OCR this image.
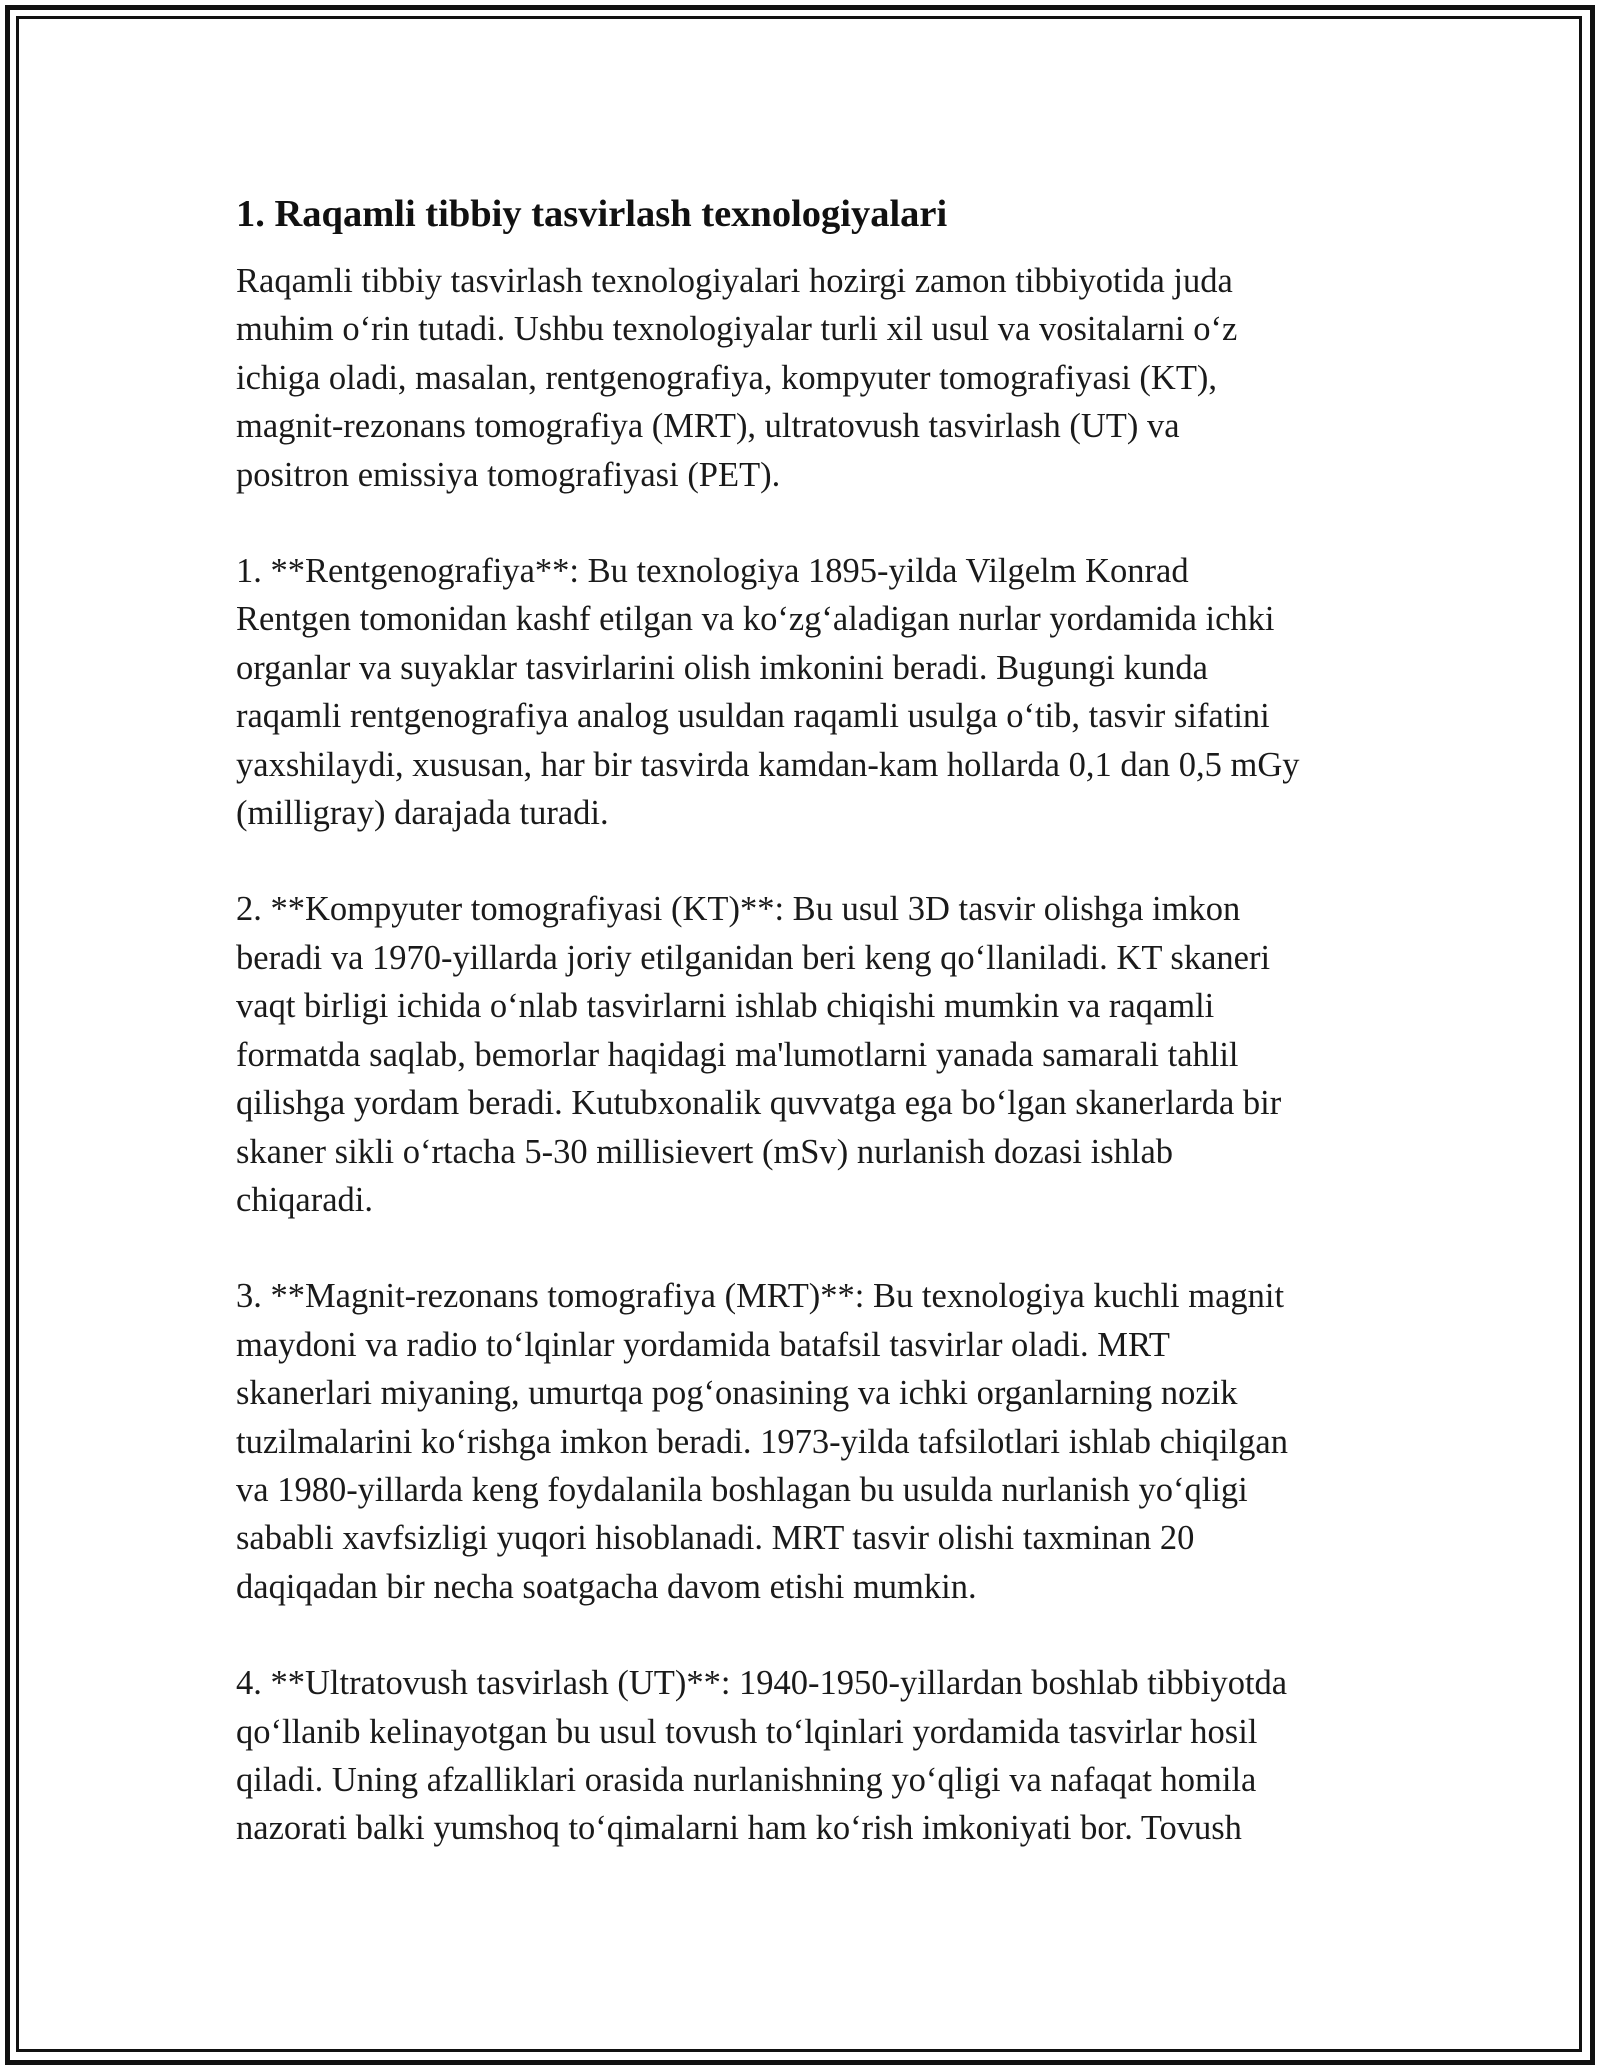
1. Raqamli tibbiy tasvirlash texnologiyalari

Raqamli tibbiy tasvirlash texnologiyalari hozirgi zamon tibbiyotida juda
muhim o‘rin tutadi. Ushbu texnologiyalar turli xil usul va vositalarni o‘z
ichiga oladi, masalan, rentgenografiya, kompyuter tomografiyasi (KT),
magnit-rezonans tomografiya (MRT), ultratovush tasvirlash (UT) va
positron emissiya tomografiyasi (PET).

1. **Rentgenografiya**: Bu texnologiya 1895-yilda Vilgelm Konrad
Rentgen tomonidan kashf etilgan va ko‘zg‘aladigan nurlar yordamida ichki
organlar va suyaklar tasvirlarini olish imkonini beradi. Bugungi kunda
raqamli rentgenografiya analog usuldan raqamli usulga o‘tib, tasvir sifatini
yaxshilaydi, xususan, har bir tasvirda kamdan-kam hollarda 0,1 dan 0,5 mGy
(milligray) darajada turadi.

2. **Kompyuter tomografiyasi (KT)**: Bu usul 3D tasvir olishga imkon
beradi va 1970-yillarda joriy etilganidan beri keng qo‘llaniladi. KT skaneri
vaqt birligi ichida o‘nlab tasvirlarni ishlab chiqishi mumkin va raqamli
formatda saqlab, bemorlar haqidagi ma'lumotlarni yanada samarali tahlil
qilishga yordam beradi. Kutubxonalik quvvatga ega bo‘lgan skanerlarda bir
skaner sikli o‘rtacha 5-30 millisievert (mSv) nurlanish dozasi ishlab
chiqaradi.

3. **Magnit-rezonans tomografiya (MRT)**: Bu texnologiya kuchli magnit
maydoni va radio to‘lqinlar yordamida batafsil tasvirlar oladi. MRT
skanerlari miyaning, umurtqa pog‘onasining va ichki organlarning nozik
tuzilmalarini ko‘rishga imkon beradi. 1973-yilda tafsilotlari ishlab chiqilgan
va 1980-yillarda keng foydalanila boshlagan bu usulda nurlanish yo‘qligi
sababli xavfsizligi yuqori hisoblanadi. MRT tasvir olishi taxminan 20
daqiqadan bir necha soatgacha davom etishi mumkin.

4. **Ultratovush tasvirlash (UT)**: 1940-1950-yillardan boshlab tibbiyotda
qo‘llanib kelinayotgan bu usul tovush to‘lqinlari yordamida tasvirlar hosil
qiladi. Uning afzalliklari orasida nurlanishning yo‘qligi va nafaqat homila
nazorati balki yumshoq to‘qimalarni ham ko‘rish imkoniyati bor. Tovush
